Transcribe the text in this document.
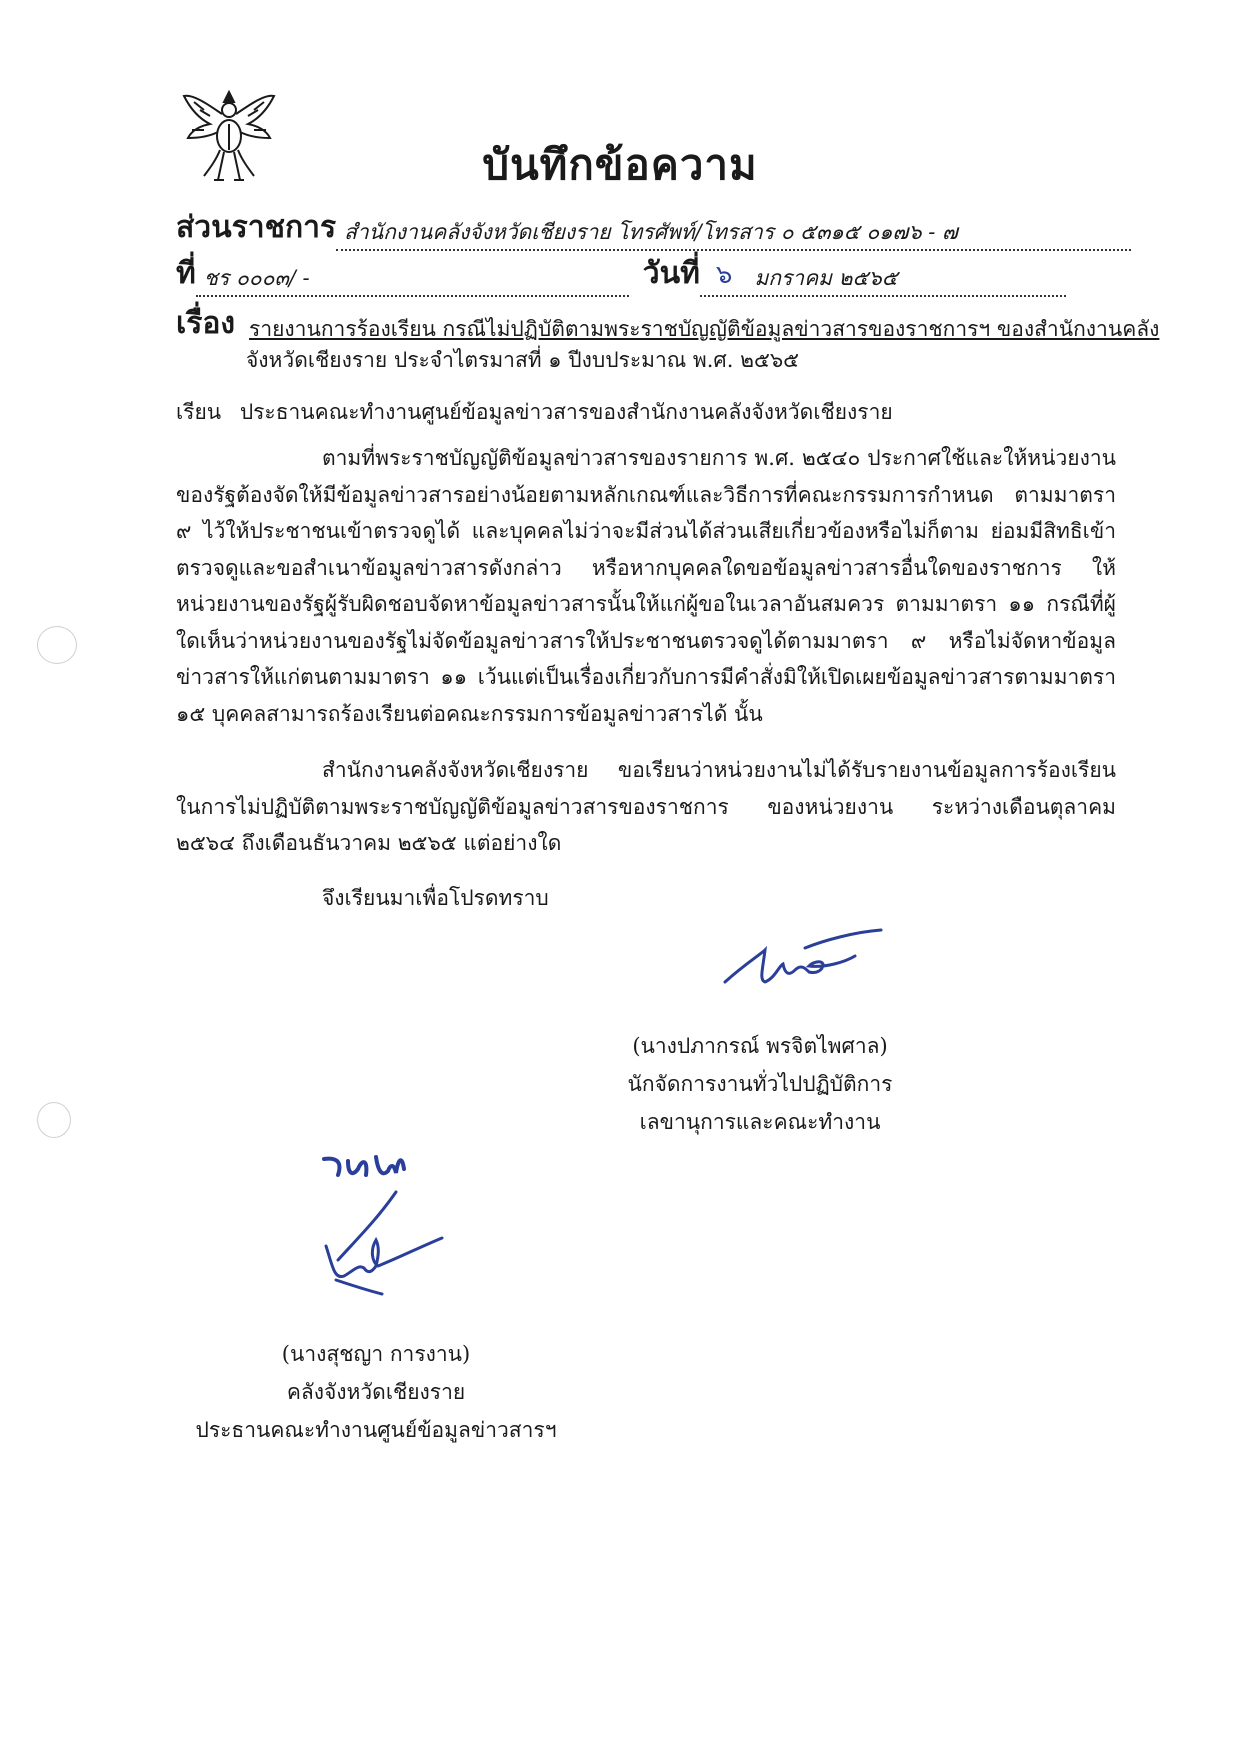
บันทึกข้อความ
ส่วนราชการ สำนักงานคลังจังหวัดเชียงราย โทรศัพท์/โทรสาร ๐ ๕๓๑๕ ๐๑๗๖ - ๗
ที่ ชร ๐๐๐๓/ -	วันที่ ๖ มกราคม ๒๕๖๕
เรื่อง รายงานการร้องเรียน กรณีไม่ปฏิบัติตามพระราชบัญญัติข้อมูลข่าวสารของราชการฯ ของสำนักงานคลัง
จังหวัดเชียงราย ประจำไตรมาสที่ ๑ ปีงบประมาณ พ.ศ. ๒๕๖๕
เรียน ประธานคณะทำงานศูนย์ข้อมูลข่าวสารของสำนักงานคลังจังหวัดเชียงราย
ตามที่พระราชบัญญัติข้อมูลข่าวสารของรายการ พ.ศ. ๒๕๔๐ ประกาศใช้และให้หน่วยงานของรัฐต้องจัดให้มีข้อมูลข่าวสารอย่างน้อยตามหลักเกณฑ์และวิธีการที่คณะกรรมการกำหนด ตามมาตรา ๙ ไว้ให้ประชาชนเข้าตรวจดูได้ และบุคคลไม่ว่าจะมีส่วนได้ส่วนเสียเกี่ยวข้องหรือไม่ก็ตาม ย่อมมีสิทธิเข้าตรวจดูและขอสำเนาข้อมูลข่าวสารดังกล่าว หรือหากบุคคลใดขอข้อมูลข่าวสารอื่นใดของราชการ ให้หน่วยงานของรัฐผู้รับผิดชอบจัดหาข้อมูลข่าวสารนั้นให้แก่ผู้ขอในเวลาอันสมควร ตามมาตรา ๑๑ กรณีที่ผู้ใดเห็นว่าหน่วยงานของรัฐไม่จัดข้อมูลข่าวสารให้ประชาชนตรวจดูได้ตามมาตรา ๙ หรือไม่จัดหาข้อมูลข่าวสารให้แก่ตนตามมาตรา ๑๑ เว้นแต่เป็นเรื่องเกี่ยวกับการมีคำสั่งมิให้เปิดเผยข้อมูลข่าวสารตามมาตรา ๑๕ บุคคลสามารถร้องเรียนต่อคณะกรรมการข้อมูลข่าวสารได้ นั้น
สำนักงานคลังจังหวัดเชียงราย ขอเรียนว่าหน่วยงานไม่ได้รับรายงานข้อมูลการร้องเรียนในการไม่ปฏิบัติตามพระราชบัญญัติข้อมูลข่าวสารของราชการ ของหน่วยงาน ระหว่างเดือนตุลาคม ๒๕๖๔ ถึงเดือนธันวาคม ๒๕๖๕ แต่อย่างใด
จึงเรียนมาเพื่อโปรดทราบ
(นางปภากรณ์ พรจิตไพศาล)
นักจัดการงานทั่วไปปฏิบัติการ
เลขานุการและคณะทำงาน
(นางสุชญา การงาน)
คลังจังหวัดเชียงราย
ประธานคณะทำงานศูนย์ข้อมูลข่าวสารฯ
